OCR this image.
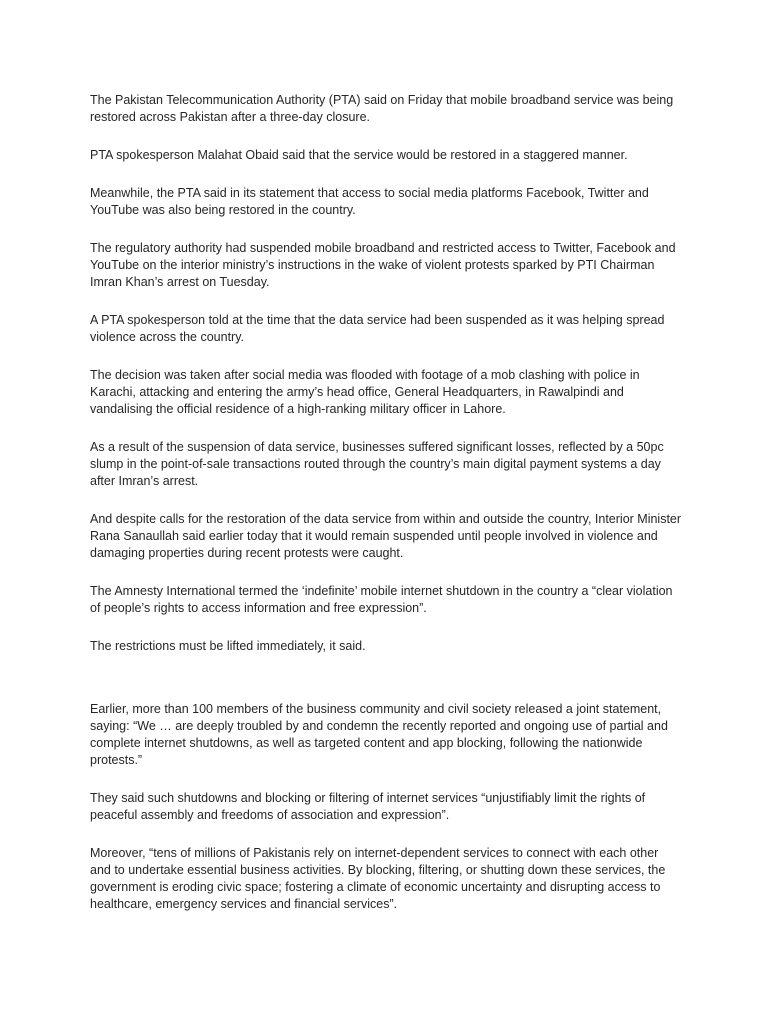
The Pakistan Telecommunication Authority (PTA) said on Friday that mobile broadband service was being restored across Pakistan after a three-day closure.

PTA spokesperson Malahat Obaid said that the service would be restored in a staggered manner.

Meanwhile, the PTA said in its statement that access to social media platforms Facebook, Twitter and YouTube was also being restored in the country.

The regulatory authority had suspended mobile broadband and restricted access to Twitter, Facebook and YouTube on the interior ministry’s instructions in the wake of violent protests sparked by PTI Chairman Imran Khan’s arrest on Tuesday.

A PTA spokesperson told at the time that the data service had been suspended as it was helping spread violence across the country.

The decision was taken after social media was flooded with footage of a mob clashing with police in Karachi, attacking and entering the army’s head office, General Headquarters, in Rawalpindi and vandalising the official residence of a high-ranking military officer in Lahore.

As a result of the suspension of data service, businesses suffered significant losses, reflected by a 50pc slump in the point-of-sale transactions routed through the country’s main digital payment systems a day after Imran’s arrest.

And despite calls for the restoration of the data service from within and outside the country, Interior Minister Rana Sanaullah said earlier today that it would remain suspended until people involved in violence and damaging properties during recent protests were caught.

The Amnesty International termed the ‘indefinite’ mobile internet shutdown in the country a “clear violation of people’s rights to access information and free expression”.

The restrictions must be lifted immediately, it said.

Earlier, more than 100 members of the business community and civil society released a joint statement, saying: “We … are deeply troubled by and condemn the recently reported and ongoing use of partial and complete internet shutdowns, as well as targeted content and app blocking, following the nationwide protests.”

They said such shutdowns and blocking or filtering of internet services “unjustifiably limit the rights of peaceful assembly and freedoms of association and expression”.

Moreover, “tens of millions of Pakistanis rely on internet-dependent services to connect with each other and to undertake essential business activities. By blocking, filtering, or shutting down these services, the government is eroding civic space; fostering a climate of economic uncertainty and disrupting access to healthcare, emergency services and financial services”.
